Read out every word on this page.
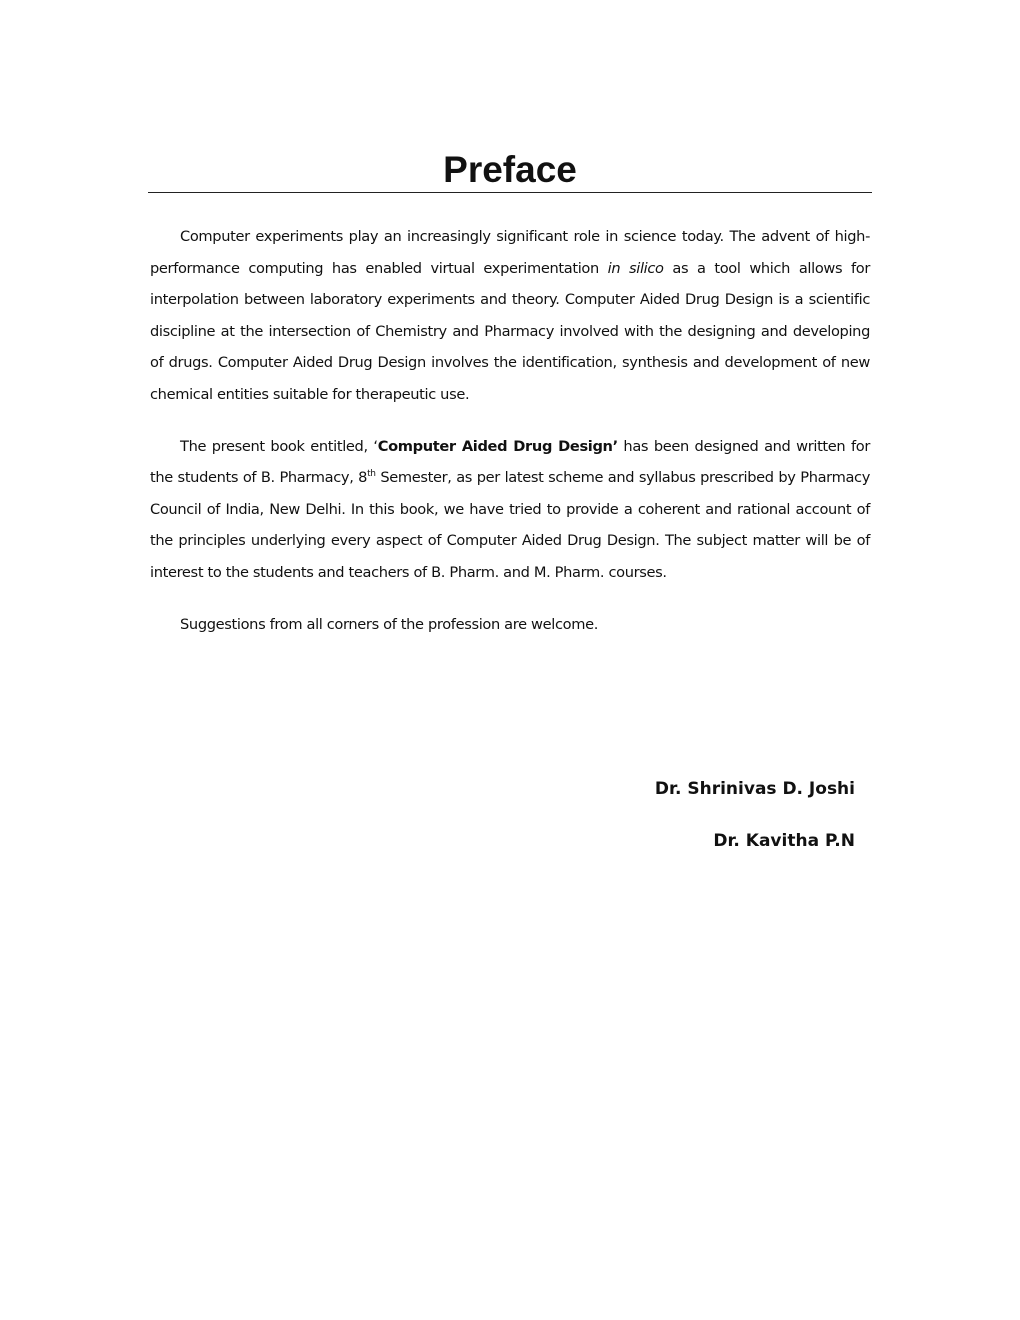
Preface

Computer experiments play an increasingly significant role in science today. The advent of high-performance computing has enabled virtual experimentation in silico as a tool which allows for interpolation between laboratory experiments and theory. Computer Aided Drug Design is a scientific discipline at the intersection of Chemistry and Pharmacy involved with the designing and developing of drugs. Computer Aided Drug Design involves the identification, synthesis and development of new chemical entities suitable for therapeutic use.

The present book entitled, ‘Computer Aided Drug Design’ has been designed and written for the students of B. Pharmacy, 8th Semester, as per latest scheme and syllabus prescribed by Pharmacy Council of India, New Delhi. In this book, we have tried to provide a coherent and rational account of the principles underlying every aspect of Computer Aided Drug Design. The subject matter will be of interest to the students and teachers of B. Pharm. and M. Pharm. courses.

Suggestions from all corners of the profession are welcome.

Dr. Shrinivas D. Joshi

Dr. Kavitha P.N
